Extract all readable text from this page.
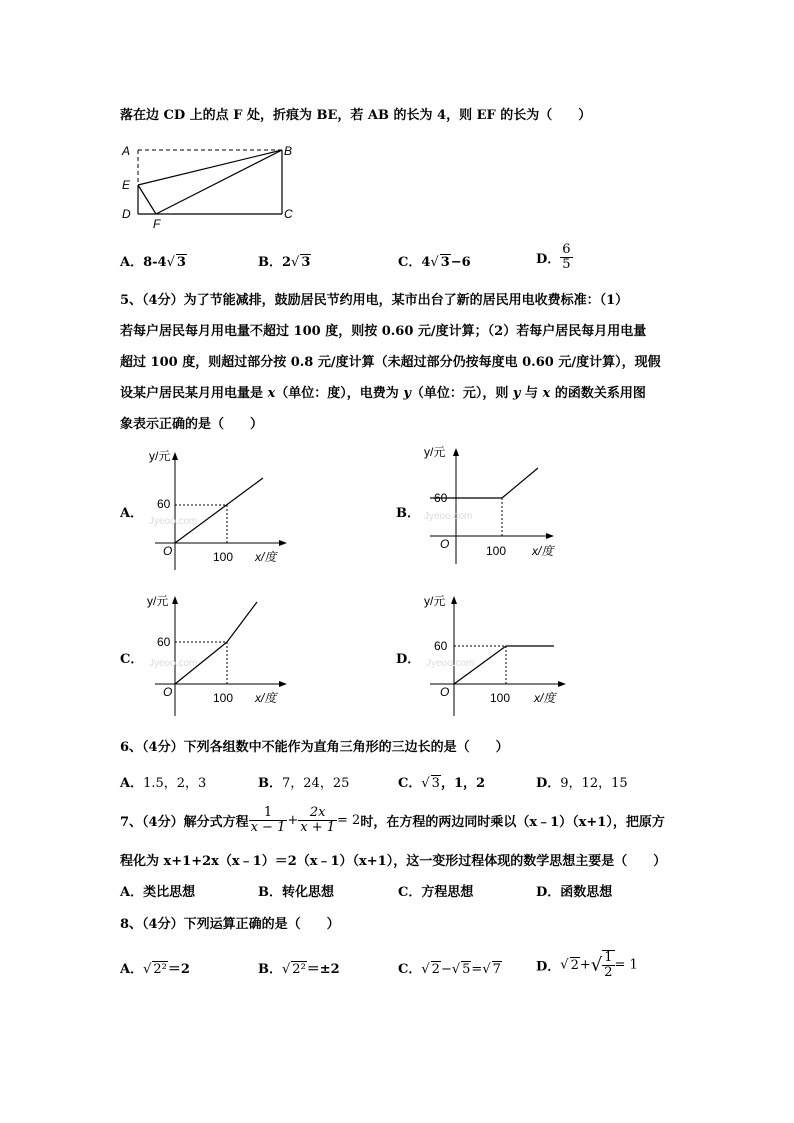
落在边 CD 上的点 F 处，折痕为 BE，若 AB 的长为 4，则 EF 的长为（　　）
A	B
E
D	C
F
A．8-4√ 3	B．2√ 3	C．4√ 3−6	D． $\frac{6}{5}$
5、（4分）为了节能减排，鼓励居民节约用电，某市出台了新的居民用电收费标准：（1）
若每户居民每月用电量不超过 100 度，则按 0.60 元/度计算；（2）若每户居民每月用电量
超过 100 度，则超过部分按 0.8 元/度计算（未超过部分仍按每度电 0.60 元/度计算），现假
设某户居民某月用电量是 x（单位：度），电费为 y（单位：元），则 y 与 x 的函数关系用图
象表示正确的是（　　）
A．
y/元
O
60
100 x/度
Jyeoo.com
B．
y/元
O
60
100 x/度
Jyeoo.com
C．
y/元
O
60
100 x/度
Jyeoo.com	D．
y/元
O
60
100 x/度
Jyeoo.com
6、（4分）下列各组数中不能作为直角三角形的三边长的是（　　）
A．1.5，2，3	B．7，24，25	C．√ 3，1，2	D．9，12，15
7、（4分）解分式方程 $\frac{1}{x - 1} + \frac{2x}{x + 1} = 2$时，在方程的两边同时乘以（x﹣1）（x+1），把原方
程化为 x+1+2x（x﹣1）＝2（x﹣1）（x+1），这一变形过程体现的数学思想主要是（　　）
A．类比思想	B．转化思想	C．方程思想	D．函数思想
8、（4分）下列运算正确的是（　　）
A．√ 2²＝2	B．√ 2²＝±2	C．√ 2−√ 5=√ 7	D．√ $2+√ \frac{1}{2} = 1$
